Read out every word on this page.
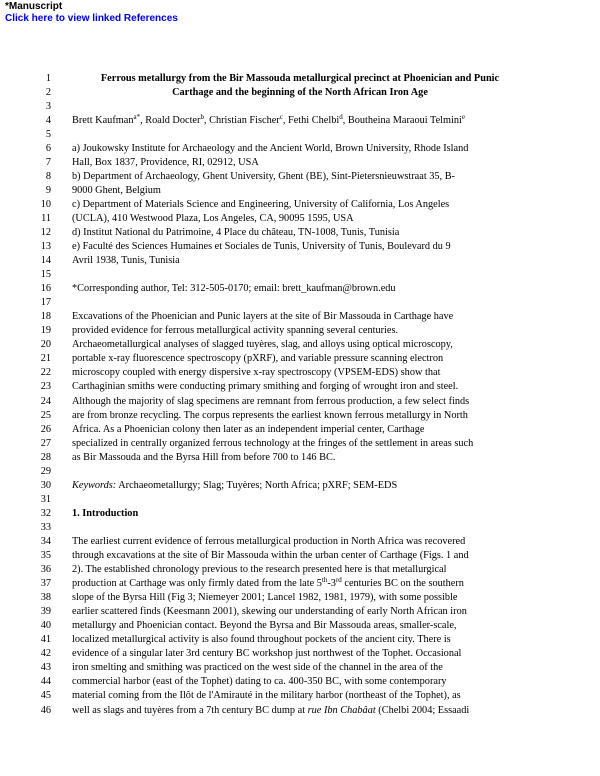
*Manuscript
Click here to view linked References
1	Ferrous metallurgy from the Bir Massouda metallurgical precinct at Phoenician and Punic
2	Carthage and the beginning of the North African Iron Age
3
4 Brett Kaufman$^{a*}$, Roald Docter$^b$, Christian Fischer$^c$, Fethi Chelbi$^d$, Boutheina Maraoui Telmini$^e$
5
6 a) Joukowsky Institute for Archaeology and the Ancient World, Brown University, Rhode Island
7 Hall, Box 1837, Providence, RI, 02912, USA
8 b) Department of Archaeology, Ghent University, Ghent (BE), Sint-Pietersnieuwstraat 35, B-
9 9000 Ghent, Belgium
10 c) Department of Materials Science and Engineering, University of California, Los Angeles
11 (UCLA), 410 Westwood Plaza, Los Angeles, CA, 90095 1595, USA
12 d) Institut National du Patrimoine, 4 Place du château, TN-1008, Tunis, Tunisia
13 e) Faculté des Sciences Humaines et Sociales de Tunis, University of Tunis, Boulevard du 9
14 Avril 1938, Tunis, Tunisia
15
16 *Corresponding author, Tel: 312-505-0170; email: brett_kaufman@brown.edu
17
18 Excavations of the Phoenician and Punic layers at the site of Bir Massouda in Carthage have
19 provided evidence for ferrous metallurgical activity spanning several centuries.
20 Archaeometallurgical analyses of slagged tuyères, slag, and alloys using optical microscopy,
21 portable x-ray fluorescence spectroscopy (pXRF), and variable pressure scanning electron
22 microscopy coupled with energy dispersive x-ray spectroscopy (VPSEM-EDS) show that
23 Carthaginian smiths were conducting primary smithing and forging of wrought iron and steel.
24 Although the majority of slag specimens are remnant from ferrous production, a few select finds
25 are from bronze recycling. The corpus represents the earliest known ferrous metallurgy in North
26 Africa. As a Phoenician colony then later as an independent imperial center, Carthage
27 specialized in centrally organized ferrous technology at the fringes of the settlement in areas such
28 as Bir Massouda and the Byrsa Hill from before 700 to 146 BC.
29
30 Keywords: Archaeometallurgy; Slag; Tuyères; North Africa; pXRF; SEM-EDS
31
32 1. Introduction
33
34 The earliest current evidence of ferrous metallurgical production in North Africa was recovered
35 through excavations at the site of Bir Massouda within the urban center of Carthage (Figs. 1 and
36 2). The established chronology previous to the research presented here is that metallurgical
37 production at Carthage was only firmly dated from the late 5th-3rd centuries BC on the southern
38 slope of the Byrsa Hill (Fig 3; Niemeyer 2001; Lancel 1982, 1981, 1979), with some possible
39 earlier scattered finds (Keesmann 2001), skewing our understanding of early North African iron
40 metallurgy and Phoenician contact. Beyond the Byrsa and Bir Massouda areas, smaller-scale,
41 localized metallurgical activity is also found throughout pockets of the ancient city. There is
42 evidence of a singular later 3rd century BC workshop just northwest of the Tophet. Occasional
43 iron smelting and smithing was practiced on the west side of the channel in the area of the
44 commercial harbor (east of the Tophet) dating to ca. 400-350 BC, with some contemporary
45 material coming from the Ilôt de l'Amirauté in the military harbor (northeast of the Tophet), as
46 well as slags and tuyères from a 7th century BC dump at rue Ibn Chabâat (Chelbi 2004; Essaadi
